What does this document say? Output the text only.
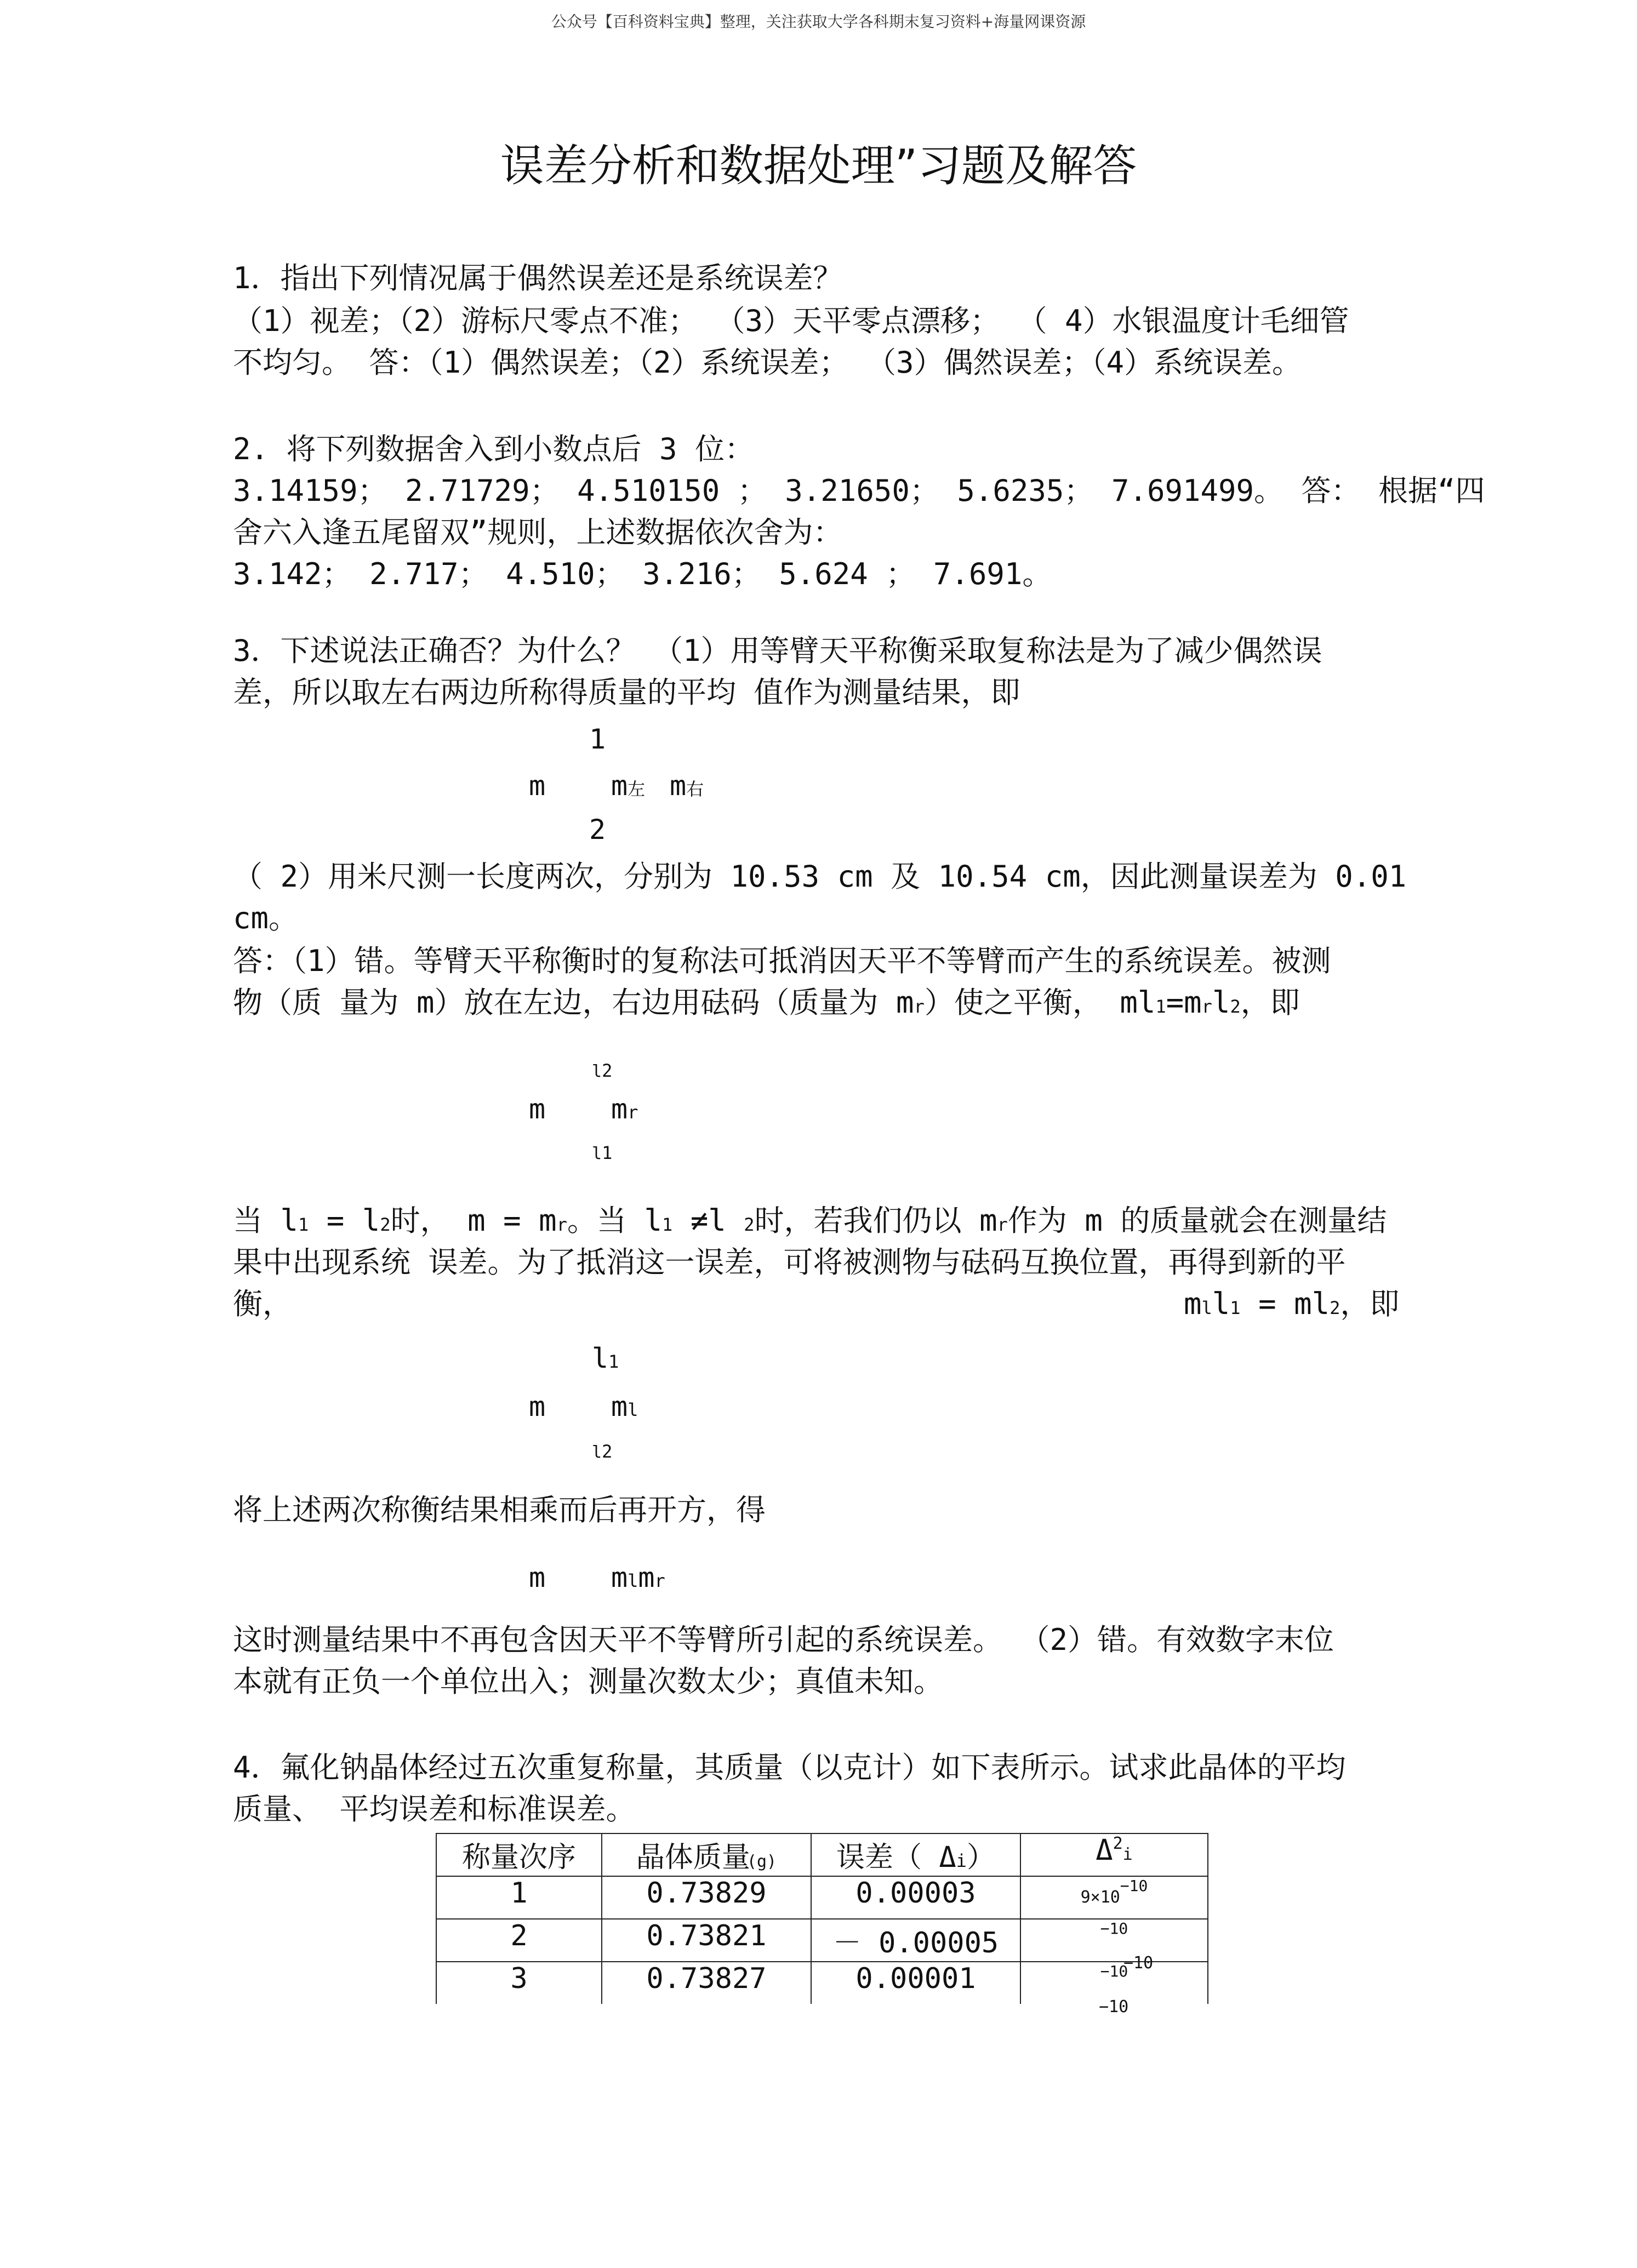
公众号【百科资料宝典】整理，关注获取大学各科期末复习资料+海量网课资源
误差分析和数据处理”习题及解答
1．指出下列情况属于偶然误差还是系统误差？
（1）视差；（2）游标尺零点不准； （3）天平零点漂移； （ 4）水银温度计毛细管
不均匀。 答：（1）偶然误差；（2）系统误差； （3）偶然误差；（4）系统误差。
2. 将下列数据舍入到小数点后 3 位：
3.14159； 2.71729； 4.510150 ； 3.21650； 5.6235； 7.691499。 答： 根据“四
舍六入逢五尾留双”规则，上述数据依次舍为：
3.142； 2.717； 4.510； 3.216； 5.624 ； 7.691。
3．下述说法正确否？为什么？ （1）用等臂天平称衡采取复称法是为了减少偶然误
差，所以取左右两边所称得质量的平均 值作为测量结果，即
1
m m左 m右
2
（ 2）用米尺测一长度两次，分别为 10.53 cm 及 10.54 cm，因此测量误差为 0.01
cm。
答：（1）错。等臂天平称衡时的复称法可抵消因天平不等臂而产生的系统误差。被测
物（质 量为 m）放在左边，右边用砝码（质量为 mr）使之平衡， ml1=mrl2，即
l2
m mr
l1
当 l1 = l2时， m = mr。当 l1 ≠l 2时，若我们仍以 mr作为 m 的质量就会在测量结
果中出现系统 误差。为了抵消这一误差，可将被测物与砝码互换位置，再得到新的平
衡，	mll1 = ml2，即
l1
m ml
l2
将上述两次称衡结果相乘而后再开方，得
m mlmr
这时测量结果中不再包含因天平不等臂所引起的系统误差。 （2）错。有效数字末位
本就有正负一个单位出入；测量次数太少；真值未知。
4．氟化钠晶体经过五次重复称量，其质量（以克计）如下表所示。试求此晶体的平均
质量、 平均误差和标准误差。
称量次序	晶体质量(g)	误差（ Δi）	$\Delta^2i$
1	0.73829	0.00003	$9\times 10^{-10}$
2	0.73821	－ 0.00005	$^{-10}$
3	0.73827	0.00001	$^{-10}$
−10
−10
